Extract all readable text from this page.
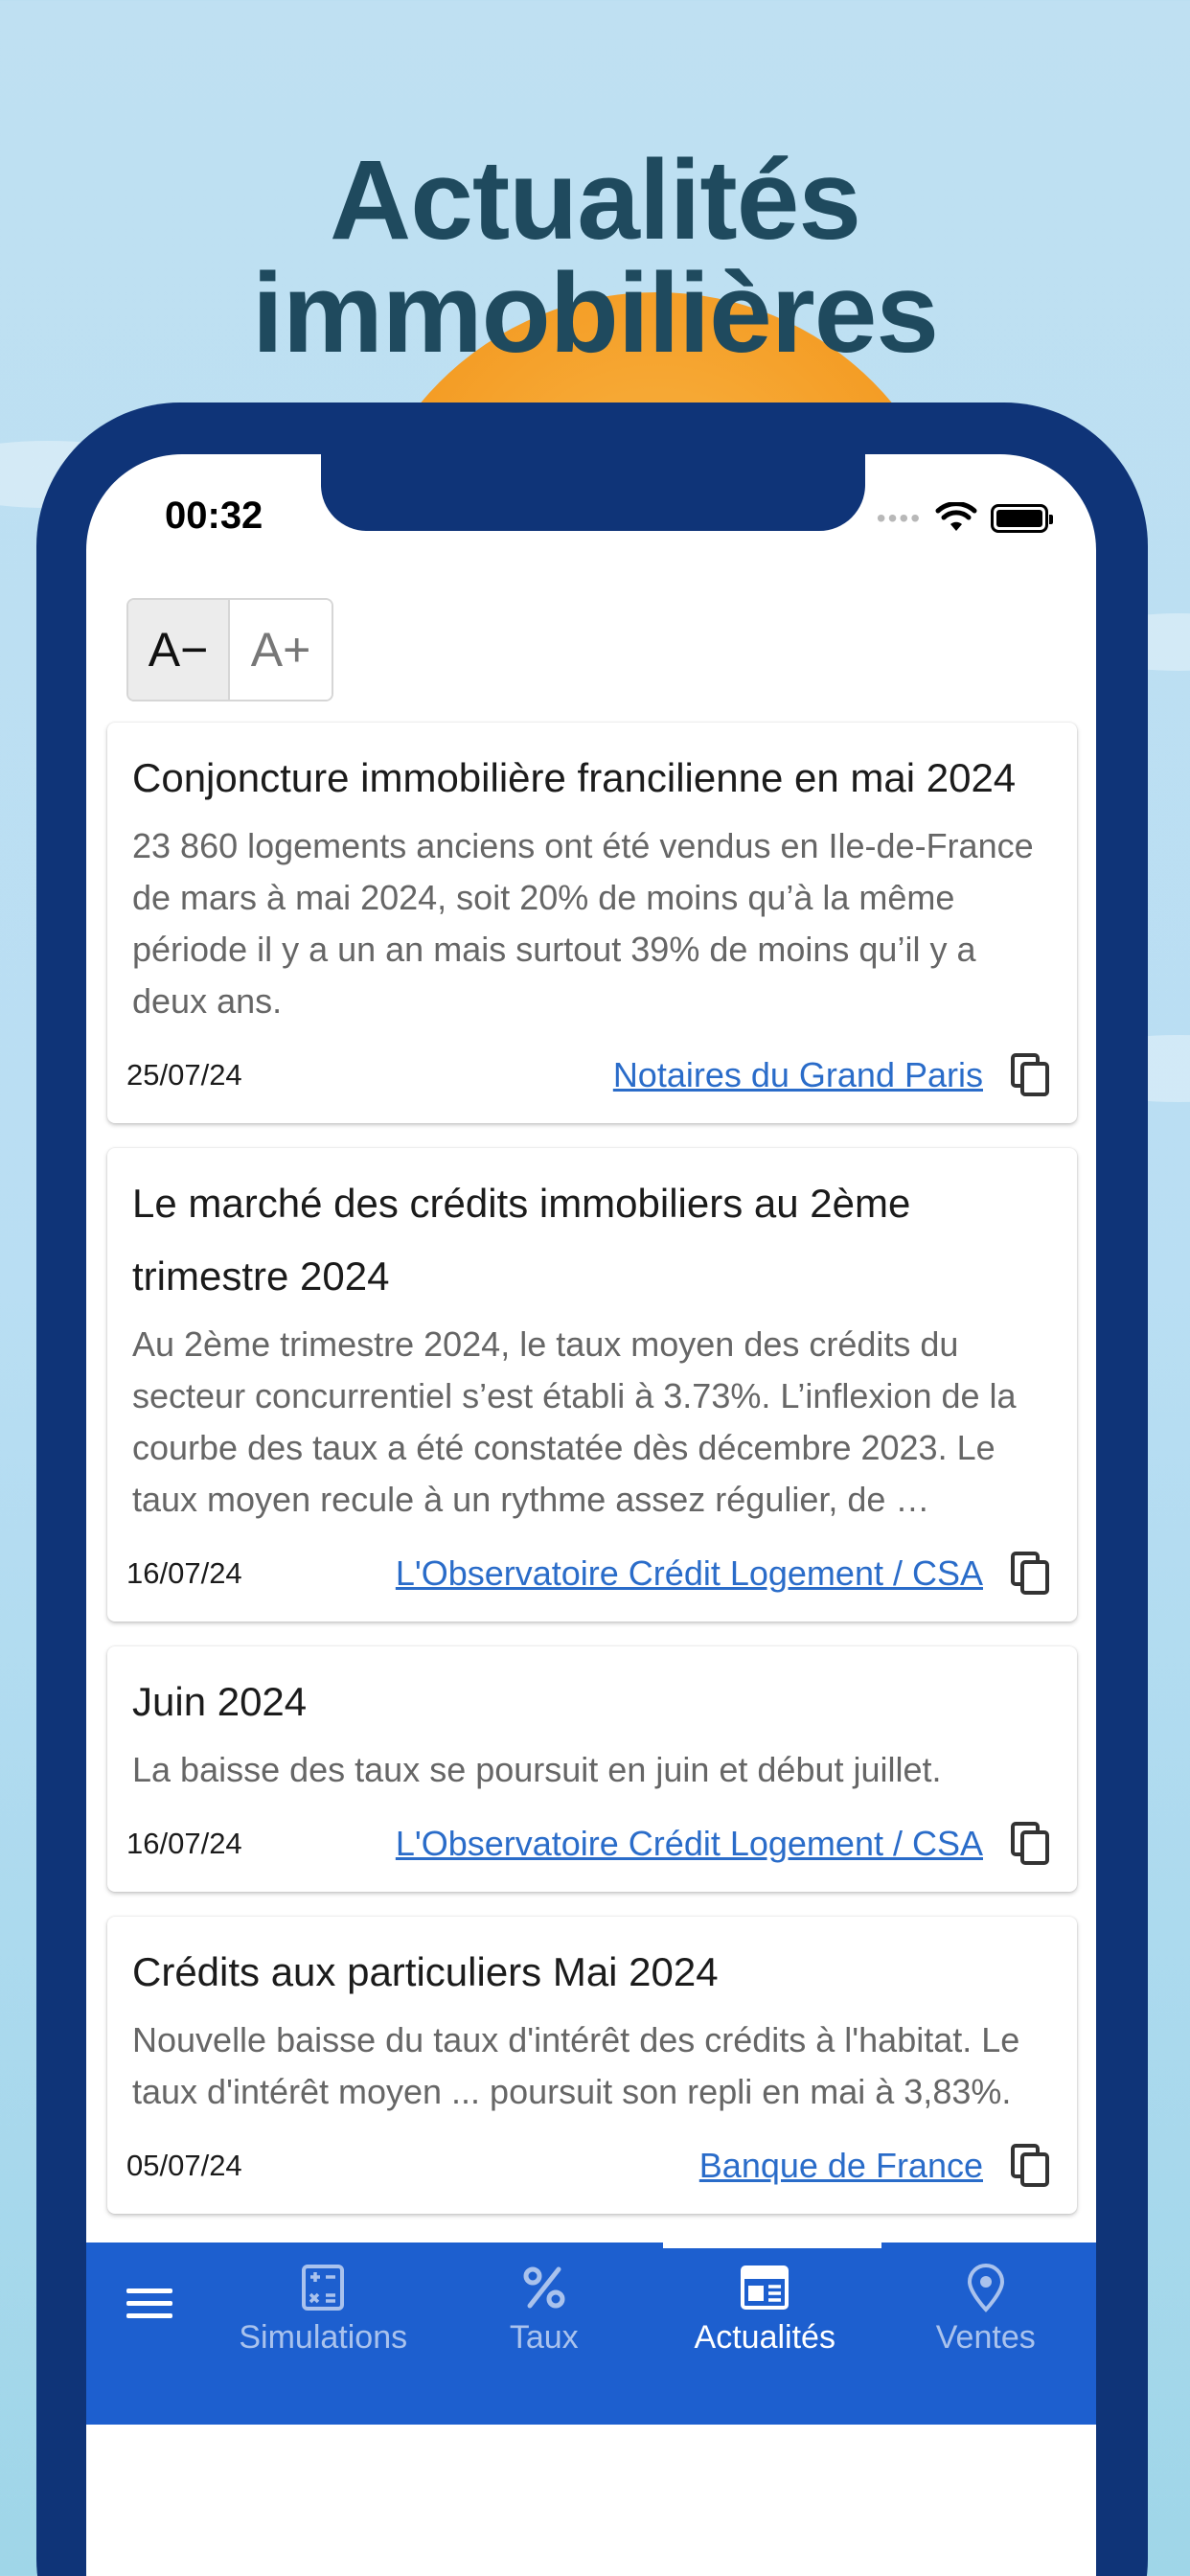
Actualités
immobilières
00:32	••••
A− A+
Conjoncture immobilière francilienne en mai 2024
23 860 logements anciens ont été vendus en Ile-de-France de mars à mai 2024, soit 20% de moins qu’à la même période il y a un an mais surtout 39% de moins qu’il y a deux ans.
25/07/24	Notaires du Grand Paris
Le marché des crédits immobiliers au 2ème trimestre 2024
Au 2ème trimestre 2024, le taux moyen des crédits du secteur concurrentiel s’est établi à 3.73%. L’inflexion de la courbe des taux a été constatée dès décembre 2023. Le taux moyen recule à un rythme assez régulier, de …
16/07/24	L'Observatoire Crédit Logement / CSA
Juin 2024
La baisse des taux se poursuit en juin et début juillet.
16/07/24	L'Observatoire Crédit Logement / CSA
Crédits aux particuliers Mai 2024
Nouvelle baisse du taux d'intérêt des crédits à l'habitat. Le taux d'intérêt moyen ... poursuit son repli en mai à 3,83%.
05/07/24	Banque de France
Simulations	Taux	Actualités	Ventes
